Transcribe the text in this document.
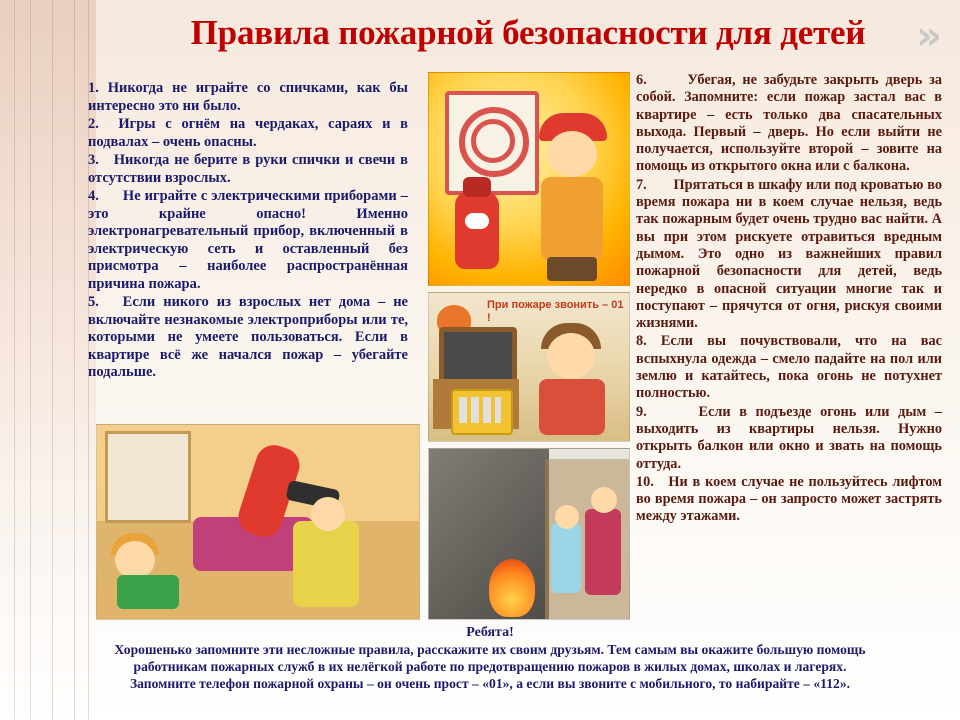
Правила пожарной безопасности для детей	»

1. Никогда не играйте со спичками, как бы интересно это ни было.

2.  Игры с огнём на чердаках, сараях и в подвалах – очень опасны.

3.   Никогда не берите в руки спички и свечи в отсутствии взрослых.

4.      Не играйте с электрическими приборами – это крайне опасно! Именно электронагревательный прибор, включенный в электрическую сеть и оставленный без присмотра – наиболее распространённая причина пожара.

5.   Если никого из взрослых нет дома – не включайте незнакомые электроприборы или те, которыми не умеете пользоваться. Если в квартире всё же начался пожар – убегайте подальше.

6.      Убегая, не забудьте закрыть дверь за собой. Запомните: если пожар застал вас в квартире – есть только два спасательных выхода. Первый – дверь. Но если выйти не получается, используйте второй – зовите на помощь из открытого окна или с балкона.

7.       Прятаться в шкафу или под кроватью во время пожара ни в коем случае нельзя, ведь так пожарным будет очень трудно вас найти. А вы при этом рискуете отравиться вредным дымом. Это одно из важнейших правил пожарной безопасности для детей, ведь нередко в опасной ситуации многие так и поступают – прячутся от огня, рискуя своими жизнями.

8. Если вы почувствовали, что на вас вспыхнула одежда – смело падайте на пол или землю и катайтесь, пока огонь не потухнет полностью.

9.      Если в подъезде огонь или дым – выходить из квартиры нельзя. Нужно открыть балкон или окно и звать на помощь оттуда.

10.   Ни в коем случае не пользуйтесь лифтом во время пожара – он запросто может застрять между этажами.

При пожаре звонить – 01 !
Ребята!
Хорошенько запомните эти несложные правила, расскажите их своим друзьям. Тем самым вы окажите большую помощь
работникам пожарных служб в их нелёгкой работе по предотвращению пожаров в жилых домах, школах и лагерях.
Запомните телефон пожарной охраны – он очень прост – «01», а если вы звоните с мобильного, то набирайте – «112».
